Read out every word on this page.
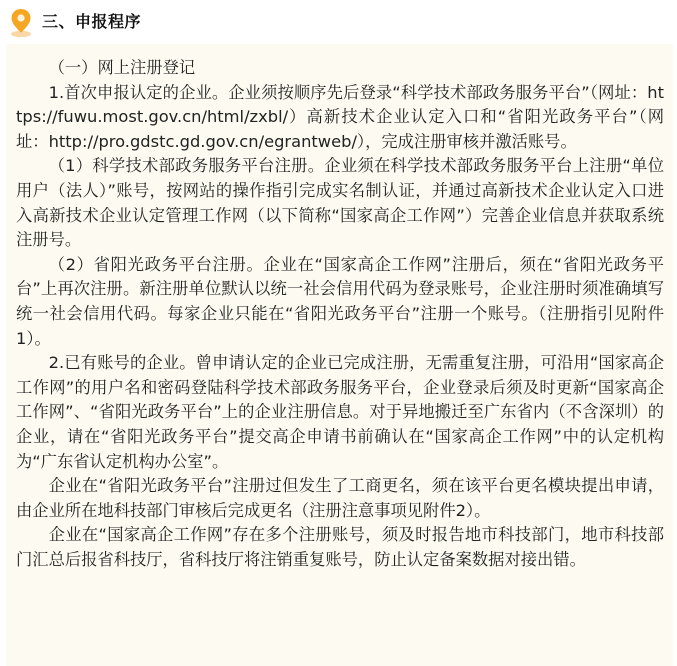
三、申报程序

（一）网上注册登记

1.首次申报认定的企业。企业须按顺序先后登录“科学技术部政务服务平台”（网址：https://fuwu.most.gov.cn/html/zxbl/）高新技术企业认定入口和“省阳光政务平台”（网址：http://pro.gdstc.gd.gov.cn/egrantweb/），完成注册审核并激活账号。

（1）科学技术部政务服务平台注册。企业须在科学技术部政务服务平台上注册“单位用户（法人）”账号，按网站的操作指引完成实名制认证，并通过高新技术企业认定入口进入高新技术企业认定管理工作网（以下简称“国家高企工作网”）完善企业信息并获取系统注册号。

（2）省阳光政务平台注册。企业在“国家高企工作网”注册后，须在“省阳光政务平台”上再次注册。新注册单位默认以统一社会信用代码为登录账号，企业注册时须准确填写统一社会信用代码。每家企业只能在“省阳光政务平台”注册一个账号。（注册指引见附件1）。

2.已有账号的企业。曾申请认定的企业已完成注册，无需重复注册，可沿用“国家高企工作网”的用户名和密码登陆科学技术部政务服务平台，企业登录后须及时更新“国家高企工作网”、“省阳光政务平台”上的企业注册信息。对于异地搬迁至广东省内（不含深圳）的企业，请在“省阳光政务平台”提交高企申请书前确认在“国家高企工作网”中的认定机构为“广东省认定机构办公室”。

企业在“省阳光政务平台”注册过但发生了工商更名，须在该平台更名模块提出申请，由企业所在地科技部门审核后完成更名（注册注意事项见附件2）。

企业在“国家高企工作网”存在多个注册账号，须及时报告地市科技部门，地市科技部门汇总后报省科技厅，省科技厅将注销重复账号，防止认定备案数据对接出错。
